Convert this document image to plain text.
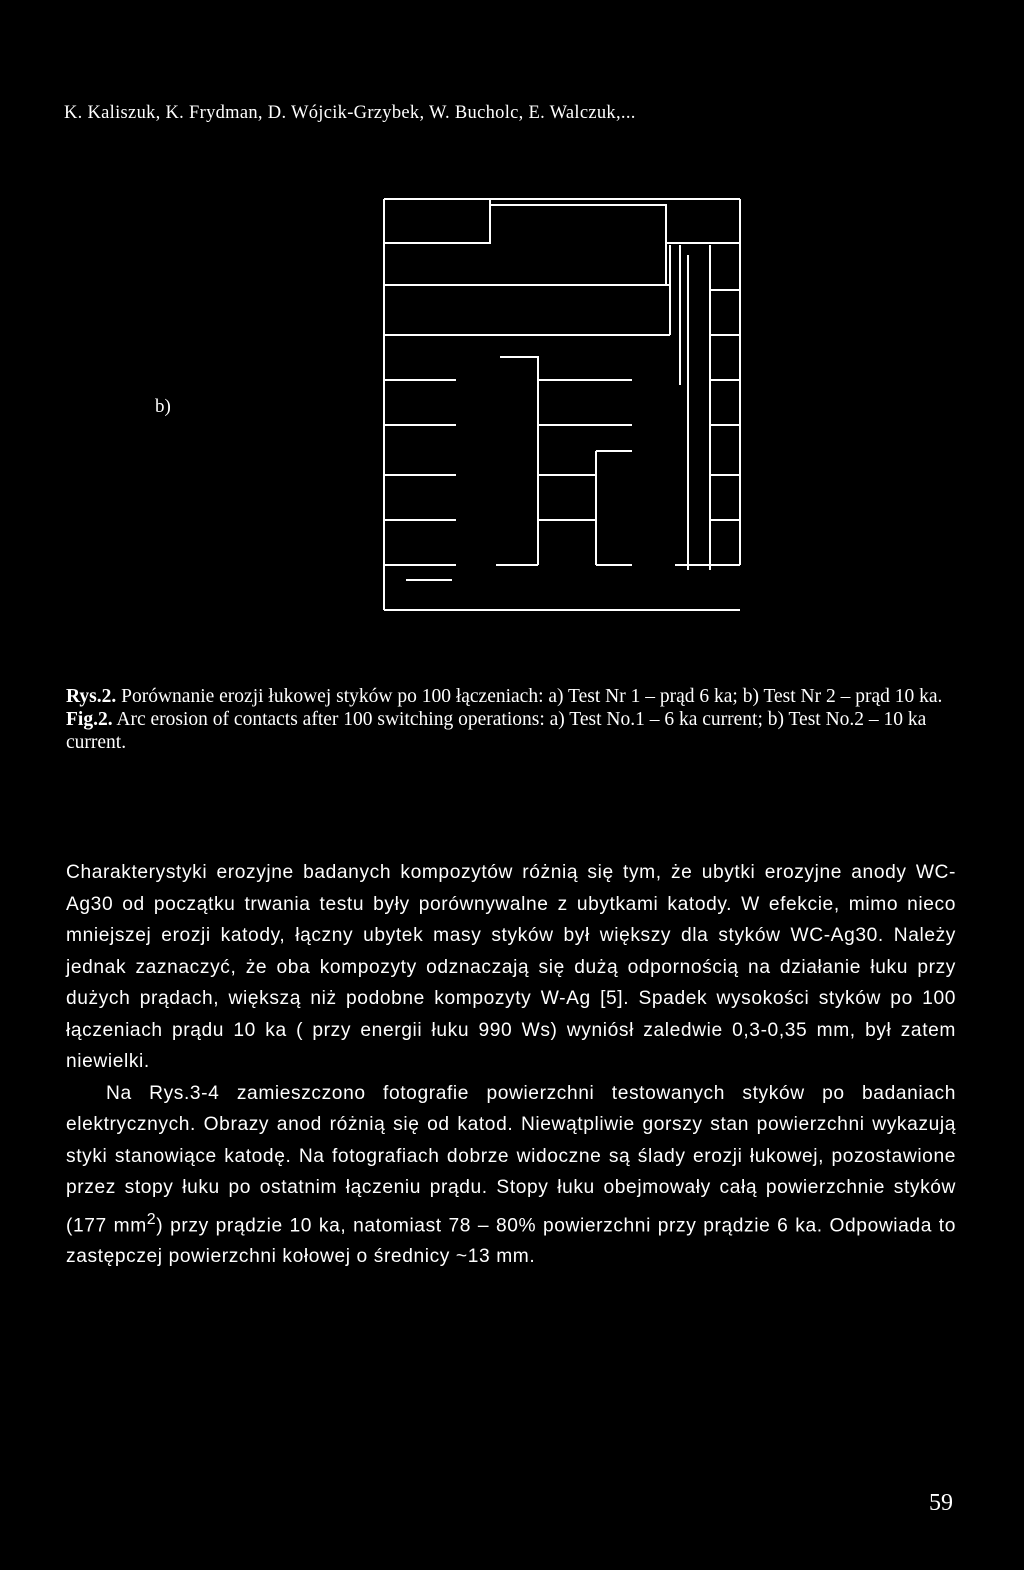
K. Kaliszuk, K. Frydman, D. Wójcik-Grzybek, W. Bucholc, E. Walczuk,...
b)

Rys.2. Porównanie erozji łukowej styków po 100 łączeniach: a) Test Nr 1 – prąd 6 ka; b) Test Nr 2 – prąd 10 ka.

Fig.2. Arc erosion of contacts after 100 switching operations: a) Test No.1 – 6 ka current; b) Test No.2 – 10 ka current.

Charakterystyki erozyjne badanych kompozytów różnią się tym, że ubytki erozyjne anody WC-Ag30 od początku trwania testu były porównywalne z ubytkami katody. W efekcie, mimo nieco mniejszej erozji katody, łączny ubytek masy styków był większy dla styków WC-Ag30. Należy jednak zaznaczyć, że oba kompozyty odznaczają się dużą odpornością na działanie łuku przy dużych prądach, większą niż podobne kompozyty W-Ag [5]. Spadek wysokości styków po 100 łączeniach prądu 10 ka ( przy energii łuku 990 Ws) wyniósł zaledwie 0,3-0,35 mm, był zatem niewielki.

Na Rys.3-4 zamieszczono fotografie powierzchni testowanych styków po badaniach elektrycznych. Obrazy anod różnią się od katod. Niewątpliwie gorszy stan powierzchni wykazują styki stanowiące katodę. Na fotografiach dobrze widoczne są ślady erozji łukowej, pozostawione przez stopy łuku po ostatnim łączeniu prądu. Stopy łuku obejmowały całą powierzchnie styków (177 $mm^2$) przy prądzie 10 ka, natomiast 78 – 80% powierzchni przy prądzie 6 ka. Odpowiada to zastępczej powierzchni kołowej o średnicy ~13 mm.

59
